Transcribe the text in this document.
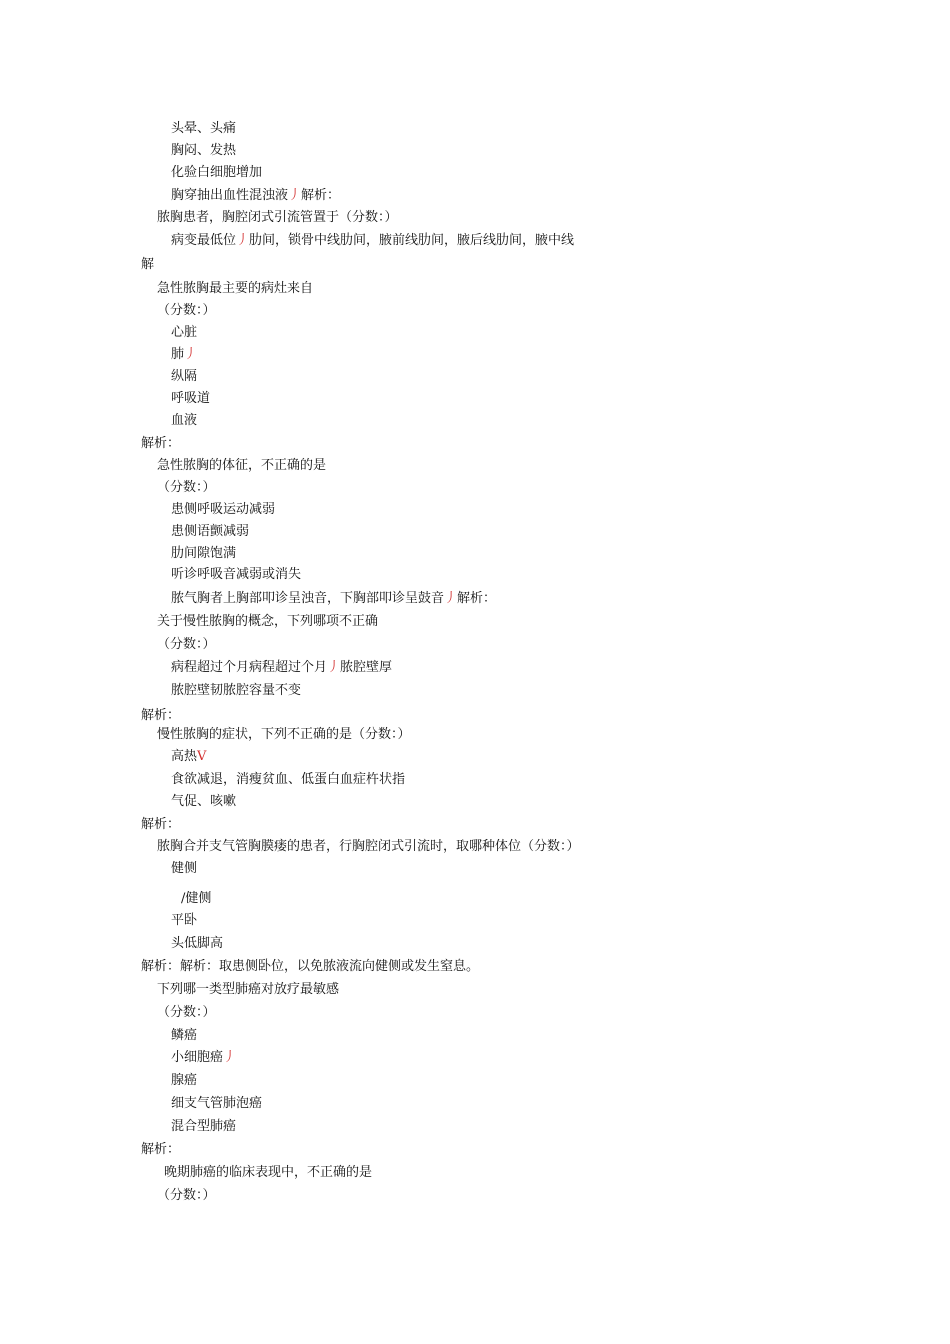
头晕、头痛
胸闷、发热
化验白细胞增加
胸穿抽出血性混浊液丿解析：
脓胸患者，胸腔闭式引流管置于（分数：）
病变最低位丿肋间，锁骨中线肋间，腋前线肋间，腋后线肋间，腋中线
解
急性脓胸最主要的病灶来自
（分数：）
心脏
肺丿
纵隔
呼吸道
血液
解析：
急性脓胸的体征，不正确的是
（分数：）
患侧呼吸运动减弱
患侧语颤减弱
肋间隙饱满
听诊呼吸音减弱或消失
脓气胸者上胸部叩诊呈浊音，下胸部叩诊呈鼓音丿解析：
关于慢性脓胸的概念，下列哪项不正确
（分数：）
病程超过个月病程超过个月丿脓腔壁厚
脓腔壁韧脓腔容量不变
解析：
慢性脓胸的症状，下列不正确的是（分数：）
高热V
食欲减退，消瘦贫血、低蛋白血症杵状指
气促、咳嗽
解析：
脓胸合并支气管胸膜瘘的患者，行胸腔闭式引流时，取哪种体位（分数：）
健侧
/健侧
平卧
头低脚高
解析：解析：取患侧卧位，以免脓液流向健侧或发生窒息。
下列哪一类型肺癌对放疗最敏感
（分数：）
鳞癌
小细胞癌丿
腺癌
细支气管肺泡癌
混合型肺癌
解析：
晚期肺癌的临床表现中，不正确的是
（分数：）
